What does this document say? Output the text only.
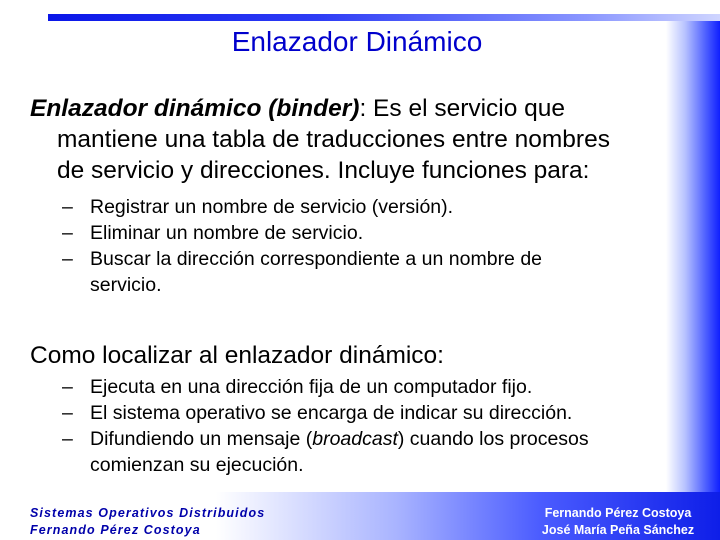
Enlazador Dinámico
Enlazador dinámico (binder): Es el servicio que
mantiene una tabla de traducciones entre nombres
de servicio y direcciones. Incluye funciones para:
– Registrar un nombre de servicio (versión).
– Eliminar un nombre de servicio.
– Buscar la dirección correspondiente a un nombre de
servicio.
Como localizar al enlazador dinámico:
– Ejecuta en una dirección fija de un computador fijo.
– El sistema operativo se encarga de indicar su dirección.
– Difundiendo un mensaje (broadcast) cuando los procesos
comienzan su ejecución.
Sistemas Operativos Distribuidos
Fernando Pérez Costoya
Fernando Pérez Costoya
José María Peña Sánchez
